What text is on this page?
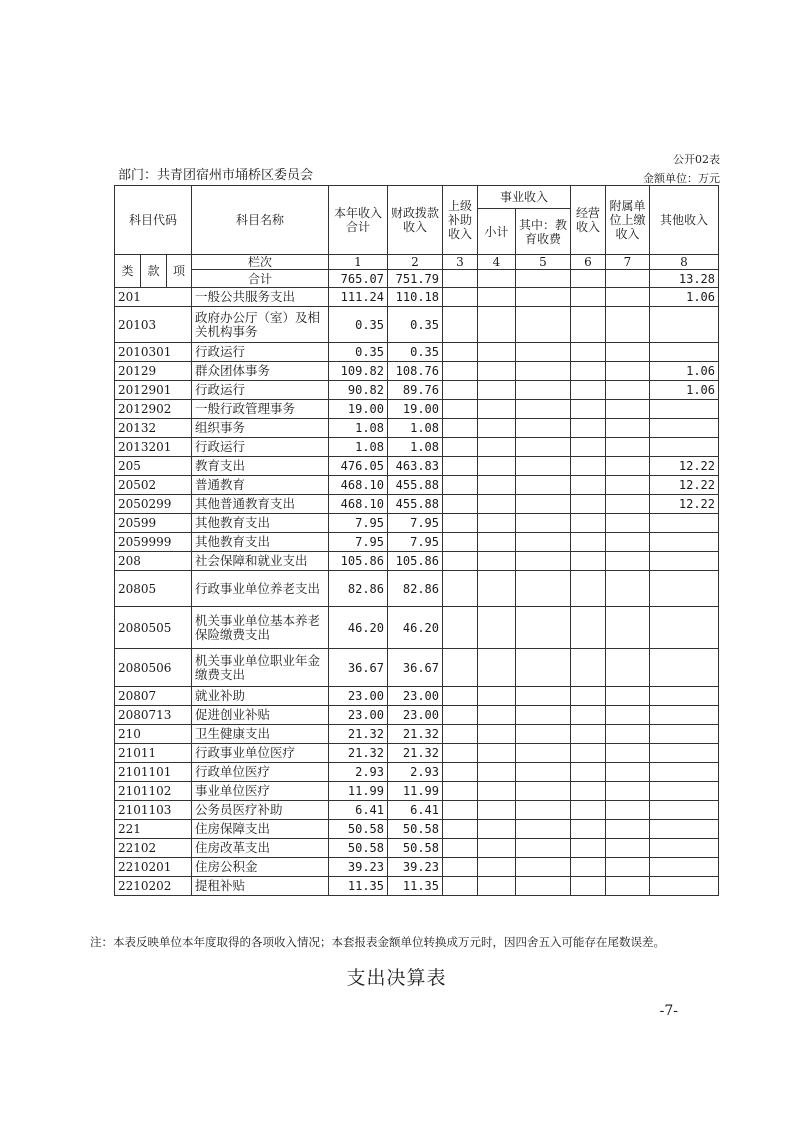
公开02表
金额单位：万元
部门：共青团宿州市埇桥区委员会
科目代码			科目名称	本年收入合计	财政拨款收入	上级补助收入	事业收入		经营收入	附属单位上缴收入	其他收入
							小计	其中：教育收费			

类	款	项	栏次	1	2	3	4	5	6	7	8
			合计	765.07	751.79						13.28
201			一般公共服务支出	111.24	110.18						1.06
20103			政府办公厅（室）及相关机构事务	0.35	0.35						
2010301			行政运行	0.35	0.35						
20129			群众团体事务	109.82	108.76						1.06
2012901			行政运行	90.82	89.76						1.06
2012902			一般行政管理事务	19.00	19.00						
20132			组织事务	1.08	1.08						
2013201			行政运行	1.08	1.08						
205			教育支出	476.05	463.83						12.22
20502			普通教育	468.10	455.88						12.22
2050299			其他普通教育支出	468.10	455.88						12.22
20599			其他教育支出	7.95	7.95						
2059999			其他教育支出	7.95	7.95						
208			社会保障和就业支出	105.86	105.86						
20805			行政事业单位养老支出	82.86	82.86						
2080505			机关事业单位基本养老保险缴费支出	46.20	46.20						
2080506			机关事业单位职业年金缴费支出	36.67	36.67						
20807			就业补助	23.00	23.00						
2080713			促进创业补贴	23.00	23.00						
210			卫生健康支出	21.32	21.32						
21011			行政事业单位医疗	21.32	21.32						
2101101			行政单位医疗	2.93	2.93						
2101102			事业单位医疗	11.99	11.99						
2101103			公务员医疗补助	6.41	6.41						
221			住房保障支出	50.58	50.58						
22102			住房改革支出	50.58	50.58						
2210201			住房公积金	39.23	39.23						
2210202			提租补贴	11.35	11.35						
注：本表反映单位本年度取得的各项收入情况；本套报表金额单位转换成万元时，因四舍五入可能存在尾数误差。
支出决算表
-7-
